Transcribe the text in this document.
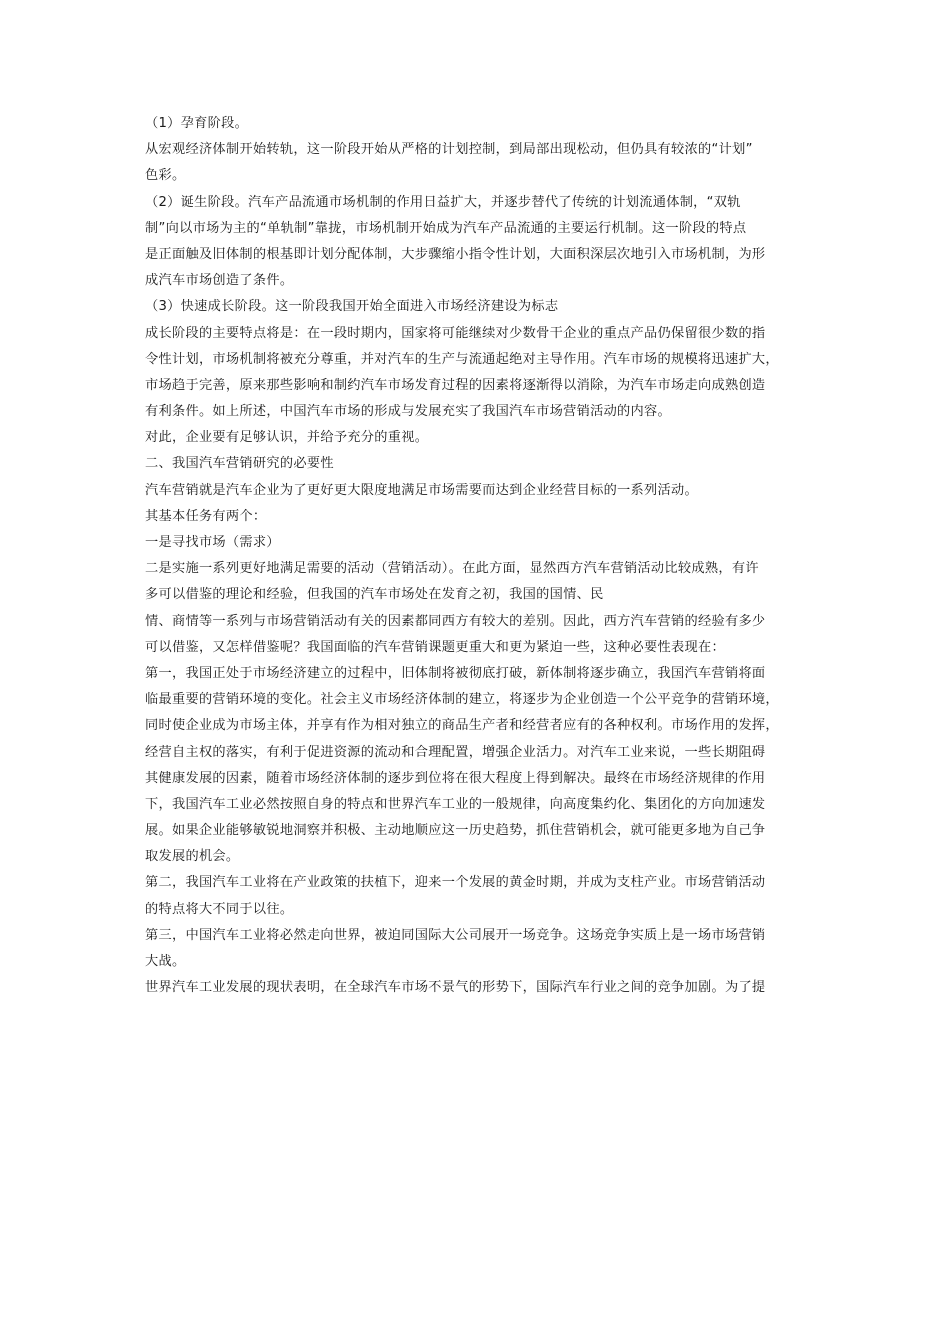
（1）孕育阶段。
从宏观经济体制开始转轨，这一阶段开始从严格的计划控制，到局部出现松动，但仍具有较浓的“计划”
色彩。
（2）诞生阶段。汽车产品流通市场机制的作用日益扩大，并逐步替代了传统的计划流通体制，“双轨
制”向以市场为主的“单轨制”靠拢，市场机制开始成为汽车产品流通的主要运行机制。这一阶段的特点
是正面触及旧体制的根基即计划分配体制，大步骤缩小指令性计划，大面积深层次地引入市场机制，为形
成汽车市场创造了条件。
（3）快速成长阶段。这一阶段我国开始全面进入市场经济建设为标志
成长阶段的主要特点将是：在一段时期内，国家将可能继续对少数骨干企业的重点产品仍保留很少数的指
令性计划，市场机制将被充分尊重，并对汽车的生产与流通起绝对主导作用。汽车市场的规模将迅速扩大，
市场趋于完善，原来那些影响和制约汽车市场发育过程的因素将逐渐得以消除，为汽车市场走向成熟创造
有利条件。如上所述，中国汽车市场的形成与发展充实了我国汽车市场营销活动的内容。
对此，企业要有足够认识，并给予充分的重视。
二、我国汽车营销研究的必要性
汽车营销就是汽车企业为了更好更大限度地满足市场需要而达到企业经营目标的一系列活动。
其基本任务有两个：
一是寻找市场（需求）
二是实施一系列更好地满足需要的活动（营销活动）。在此方面，显然西方汽车营销活动比较成熟，有许
多可以借鉴的理论和经验，但我国的汽车市场处在发育之初，我国的国情、民
情、商情等一系列与市场营销活动有关的因素都同西方有较大的差别。因此，西方汽车营销的经验有多少
可以借鉴，又怎样借鉴呢？我国面临的汽车营销课题更重大和更为紧迫一些，这种必要性表现在：
第一，我国正处于市场经济建立的过程中，旧体制将被彻底打破，新体制将逐步确立，我国汽车营销将面
临最重要的营销环境的变化。社会主义市场经济体制的建立，将逐步为企业创造一个公平竞争的营销环境，
同时使企业成为市场主体，并享有作为相对独立的商品生产者和经营者应有的各种权利。市场作用的发挥，
经营自主权的落实，有利于促进资源的流动和合理配置，增强企业活力。对汽车工业来说，一些长期阻碍
其健康发展的因素，随着市场经济体制的逐步到位将在很大程度上得到解决。最终在市场经济规律的作用
下，我国汽车工业必然按照自身的特点和世界汽车工业的一般规律，向高度集约化、集团化的方向加速发
展。如果企业能够敏锐地洞察并积极、主动地顺应这一历史趋势，抓住营销机会，就可能更多地为自己争
取发展的机会。
第二，我国汽车工业将在产业政策的扶植下，迎来一个发展的黄金时期，并成为支柱产业。市场营销活动
的特点将大不同于以往。
第三，中国汽车工业将必然走向世界，被迫同国际大公司展开一场竞争。这场竞争实质上是一场市场营销
大战。
世界汽车工业发展的现状表明，在全球汽车市场不景气的形势下，国际汽车行业之间的竞争加剧。为了提
